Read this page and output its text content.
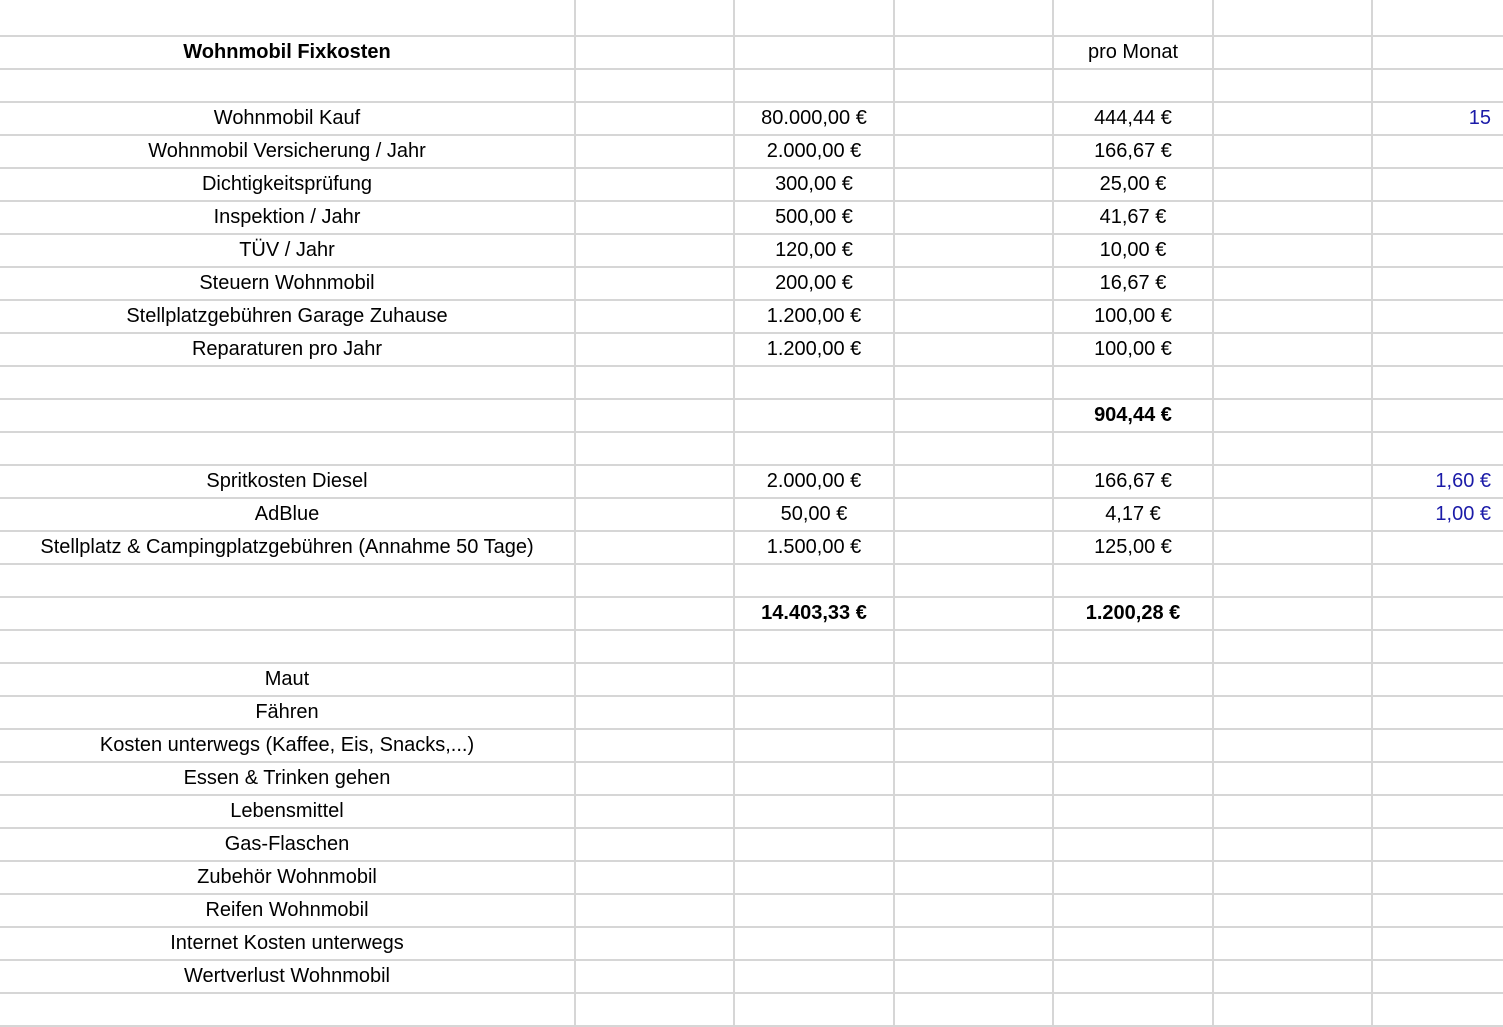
Wohnmobil Fixkosten				pro Monat		

Wohnmobil Kauf		80.000,00 €		444,44 €		15
Wohnmobil Versicherung / Jahr		2.000,00 €		166,67 €		
Dichtigkeitsprüfung		300,00 €		25,00 €		
Inspektion / Jahr		500,00 €		41,67 €		
TÜV / Jahr		120,00 €		10,00 €		
Steuern Wohnmobil		200,00 €		16,67 €		
Stellplatzgebühren Garage Zuhause		1.200,00 €		100,00 €		
Reparaturen pro Jahr		1.200,00 €		100,00 €		

				904,44 €		

Spritkosten Diesel		2.000,00 €		166,67 €		1,60 €
AdBlue		50,00 €		4,17 €		1,00 €
Stellplatz & Campingplatzgebühren (Annahme 50 Tage)		1.500,00 €		125,00 €		

		14.403,33 €		1.200,28 €		

Maut						
Fähren						
Kosten unterwegs (Kaffee, Eis, Snacks,...)						
Essen & Trinken gehen						
Lebensmittel						
Gas-Flaschen						
Zubehör Wohnmobil						
Reifen Wohnmobil						
Internet Kosten unterwegs						
Wertverlust Wohnmobil						
